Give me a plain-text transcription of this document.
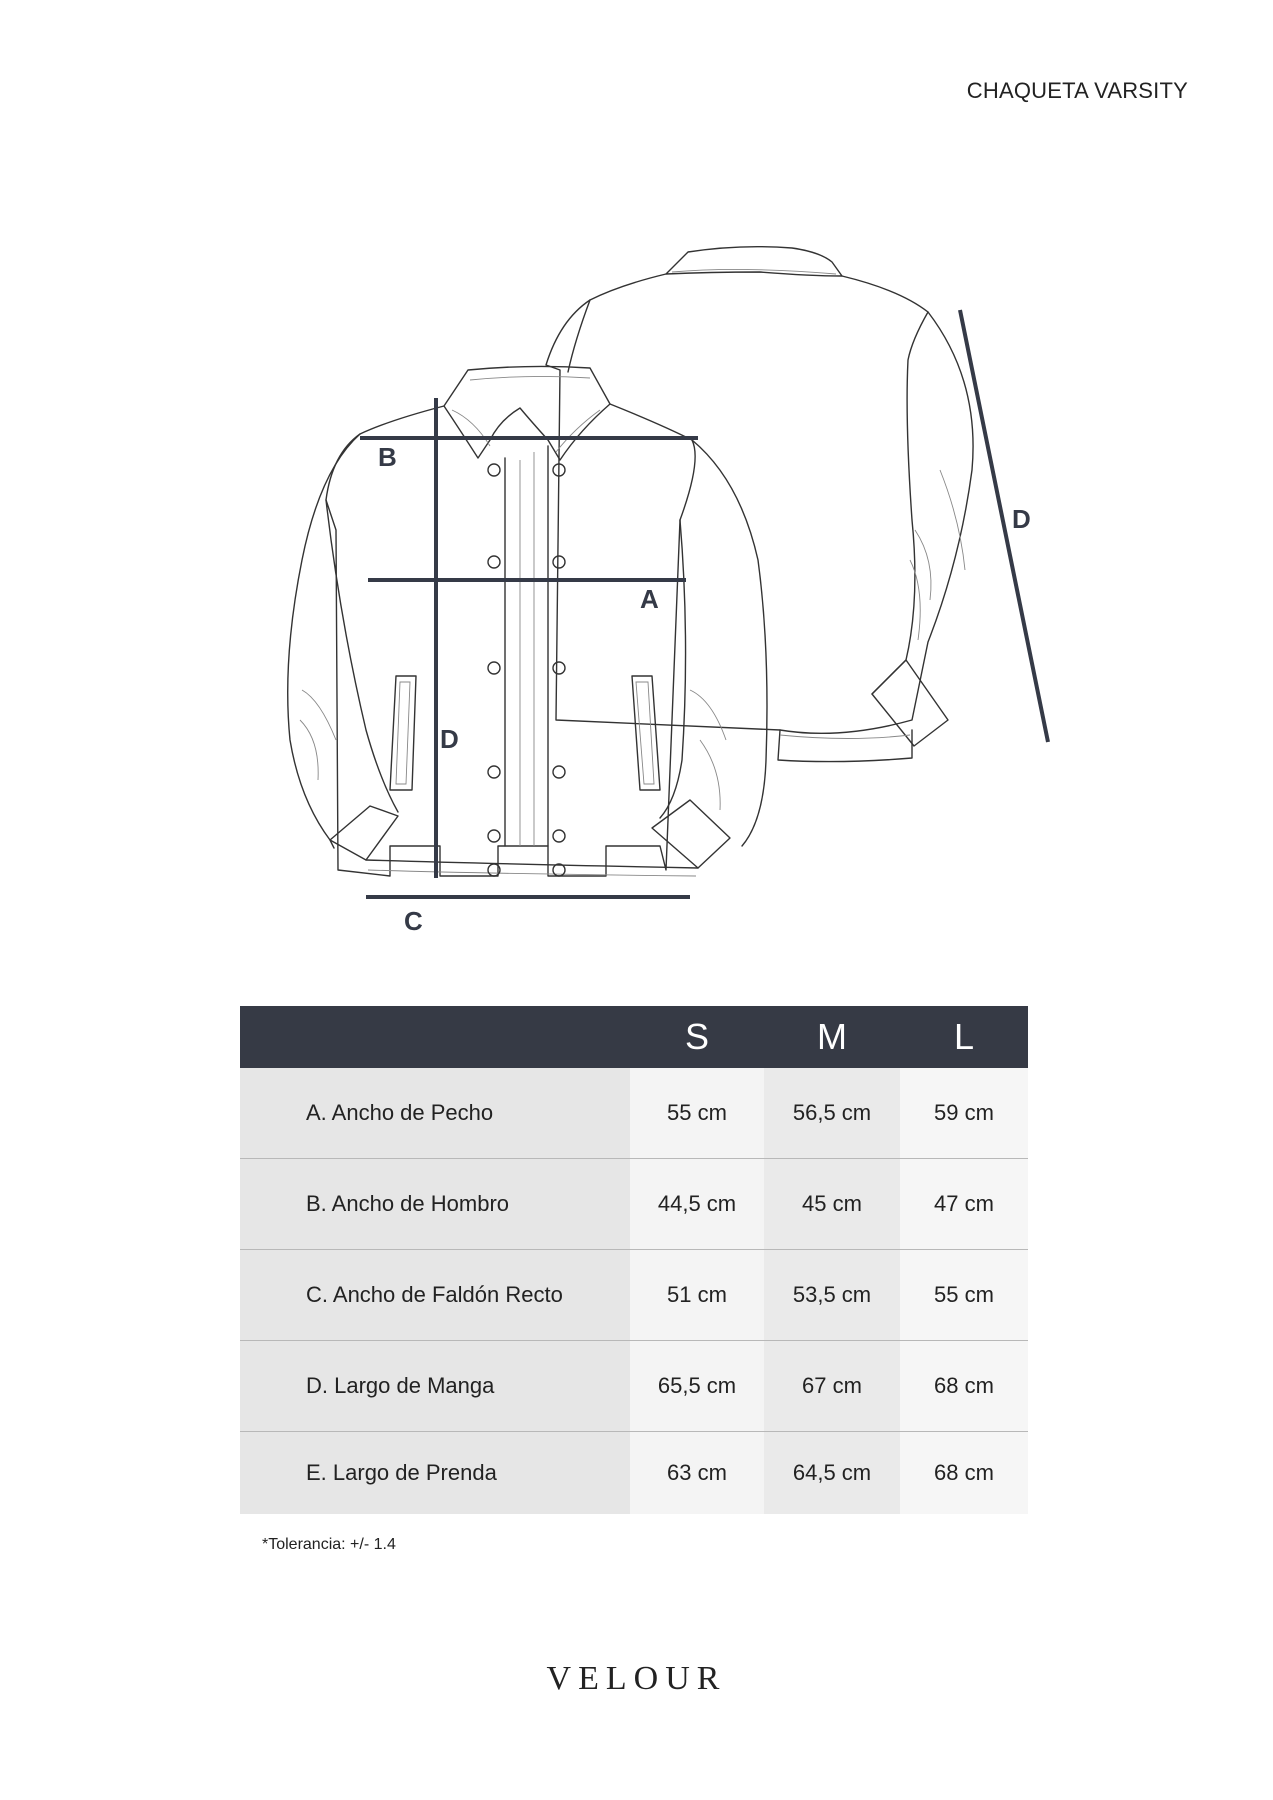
CHAQUETA VARSITY
B
A
C
D
D
	S	M	L
A. Ancho de Pecho	55 cm	56,5 cm	59 cm
B. Ancho de Hombro	44,5 cm	45 cm	47 cm
C. Ancho de Faldón Recto	51 cm	53,5 cm	55 cm
D. Largo de Manga	65,5 cm	67 cm	68 cm
E. Largo de Prenda	63 cm	64,5 cm	68 cm
*Tolerancia: +/- 1.4
VELOUR
